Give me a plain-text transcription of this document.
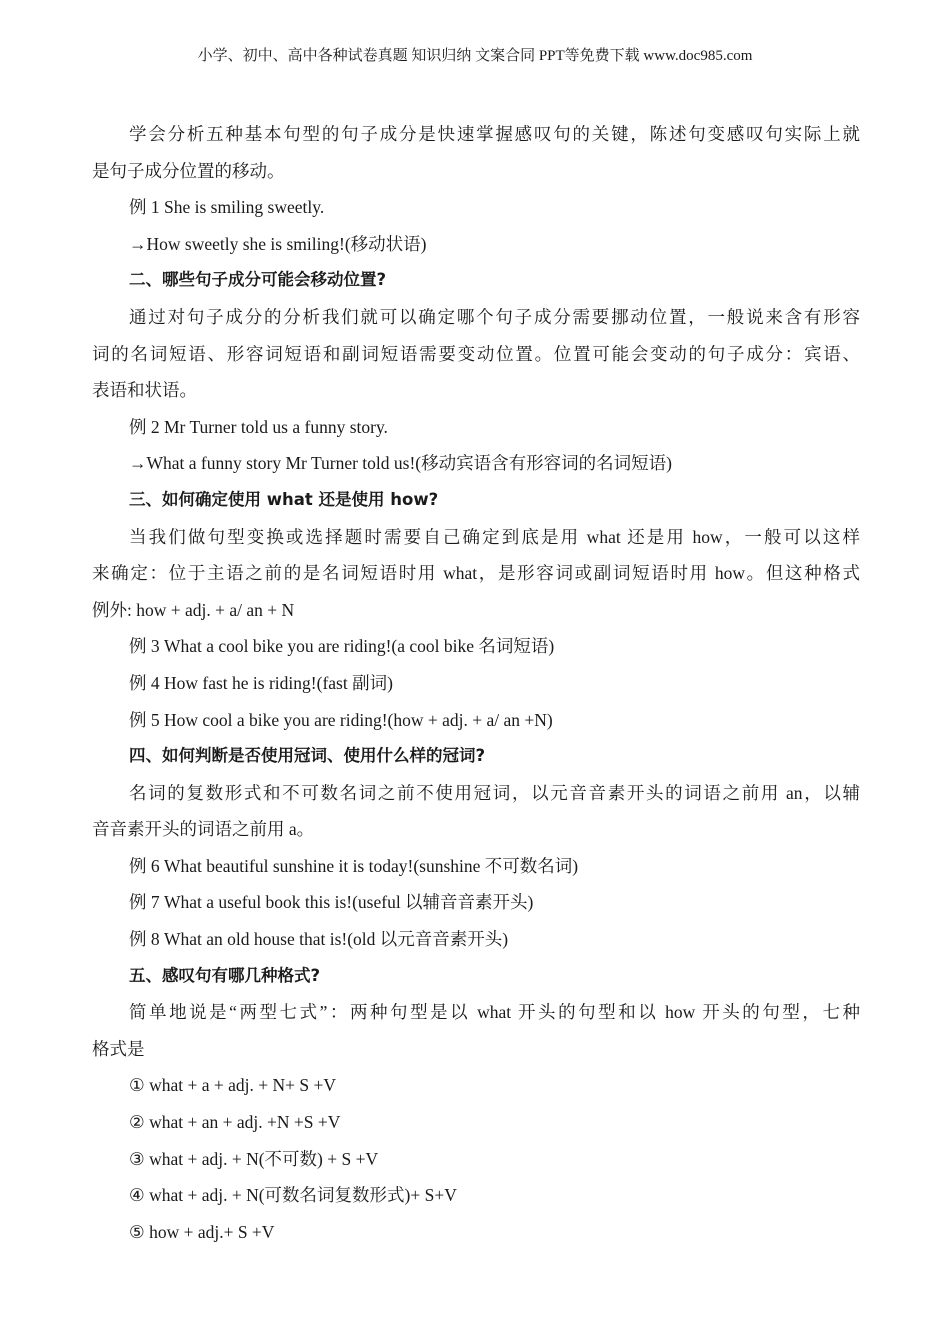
小学、初中、高中各种试卷真题 知识归纳 文案合同 PPT等免费下载 www.doc985.com
学会分析五种基本句型的句子成分是快速掌握感叹句的关键，陈述句变感叹句实际上就
是句子成分位置的移动。
例 1 She is smiling sweetly.
→How sweetly she is smiling!(移动状语)
二、哪些句子成分可能会移动位置?
通过对句子成分的分析我们就可以确定哪个句子成分需要挪动位置，一般说来含有形容
词的名词短语、形容词短语和副词短语需要变动位置。位置可能会变动的句子成分：宾语、
表语和状语。
例 2 Mr Turner told us a funny story.
→What a funny story Mr Turner told us!(移动宾语含有形容词的名词短语)
三、如何确定使用 what 还是使用 how?
当我们做句型变换或选择题时需要自己确定到底是用 what 还是用 how，一般可以这样
来确定：位于主语之前的是名词短语时用 what，是形容词或副词短语时用 how。但这种格式
例外: how + adj. + a/ an + N
例 3 What a cool bike you are riding!(a cool bike 名词短语)
例 4 How fast he is riding!(fast 副词)
例 5 How cool a bike you are riding!(how + adj. + a/ an +N)
四、如何判断是否使用冠词、使用什么样的冠词?
名词的复数形式和不可数名词之前不使用冠词，以元音音素开头的词语之前用 an，以辅
音音素开头的词语之前用 a。
例 6 What beautiful sunshine it is today!(sunshine 不可数名词)
例 7 What a useful book this is!(useful 以辅音音素开头)
例 8 What an old house that is!(old 以元音音素开头)
五、感叹句有哪几种格式?
简单地说是“两型七式”：两种句型是以 what 开头的句型和以 how 开头的句型，七种
格式是
① what + a + adj. + N+ S +V
② what + an + adj. +N +S +V
③ what + adj. + N(不可数) + S +V
④ what + adj. + N(可数名词复数形式)+ S+V
⑤ how + adj.+ S +V
